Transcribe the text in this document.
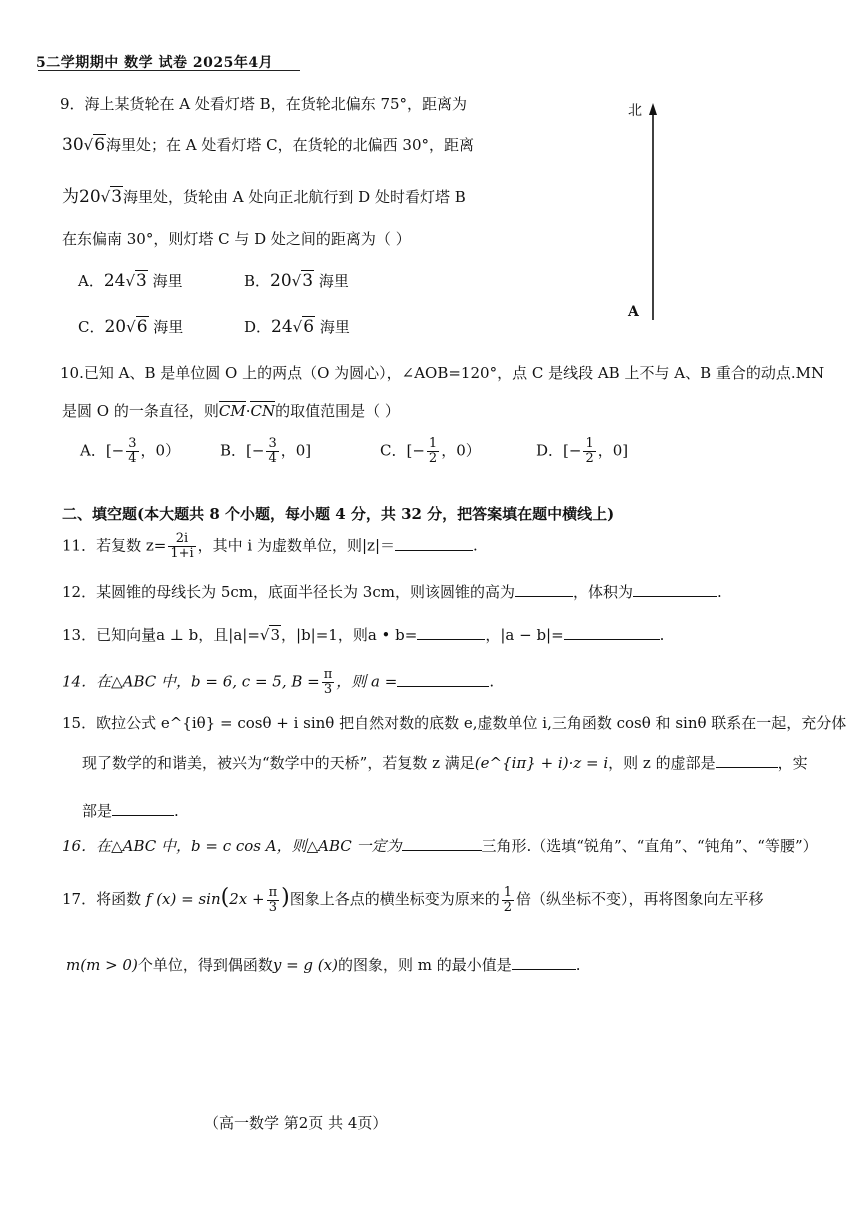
5二学期期中 数学 试卷 2025年4月
9．海上某货轮在 A 处看灯塔 B，在货轮北偏东 75°，距离为
30√6海里处；在 A 处看灯塔 C，在货轮的北偏西 30°，距离
为20√3海里处，货轮由 A 处向正北航行到 D 处时看灯塔 B
在东偏南 30°，则灯塔 C 与 D 处之间的距离为（ ）
A．24√3 海里	B．20√3 海里
C．20√6 海里	D．24√6 海里
北
A
10.已知 A、B 是单位圆 O 上的两点（O 为圆心），∠AOB=120°，点 C 是线段 AB 上不与 A、B 重合的动点.MN
是圆 O 的一条直径，则CM·CN的取值范围是（ ）
A．[− $\frac{3}{4}$ ，0）	B．[− $\frac{3}{4}$ ，0]	C．[− $\frac{1}{2}$ ，0）	D．[− $\frac{1}{2}$ ，0]
二、填空题(本大题共 8 个小题，每小题 4 分，共 32 分，把答案填在题中横线上)
11．若复数 $z= \frac{2i}{1+i}$ ，其中 i 为虚数单位，则|z|＝	.
12．某圆锥的母线长为 5cm，底面半径长为 3cm，则该圆锥的高为	，体积为	.
13．已知向量a ⊥ b，且|a|=√3，|b|=1，则a • b=	，|a − b|=	.
14．在△ABC 中，b = 6, c = 5, $B = \frac{\pi}{3}$ ，则 a =	.
15．欧拉公式 e^{iθ} = cosθ + i sinθ 把自然对数的底数 e,虚数单位 i,三角函数 cosθ 和 sinθ 联系在一起，充分体
现了数学的和谐美，被兴为“数学中的天桥”，若复数 z 满足(e^{iπ} + i)·z = i，则 z 的虚部是	，实
部是	.
16．在△ABC 中，b = c cos A，则△ABC 一定为	三角形.（选填“锐角”、“直角”、“钝角”、“等腰”）
17．将函数 f $(x) = \sin(2x + \frac{\pi}{3}$ )图象上各点的横坐标变为原来的 $\frac{1}{2}$ 倍（纵坐标不变），再将图象向左平移
m(m > 0)个单位，得到偶函数y = g (x)的图象，则 m 的最小值是	.
（高一数学 第2页 共 4页）
